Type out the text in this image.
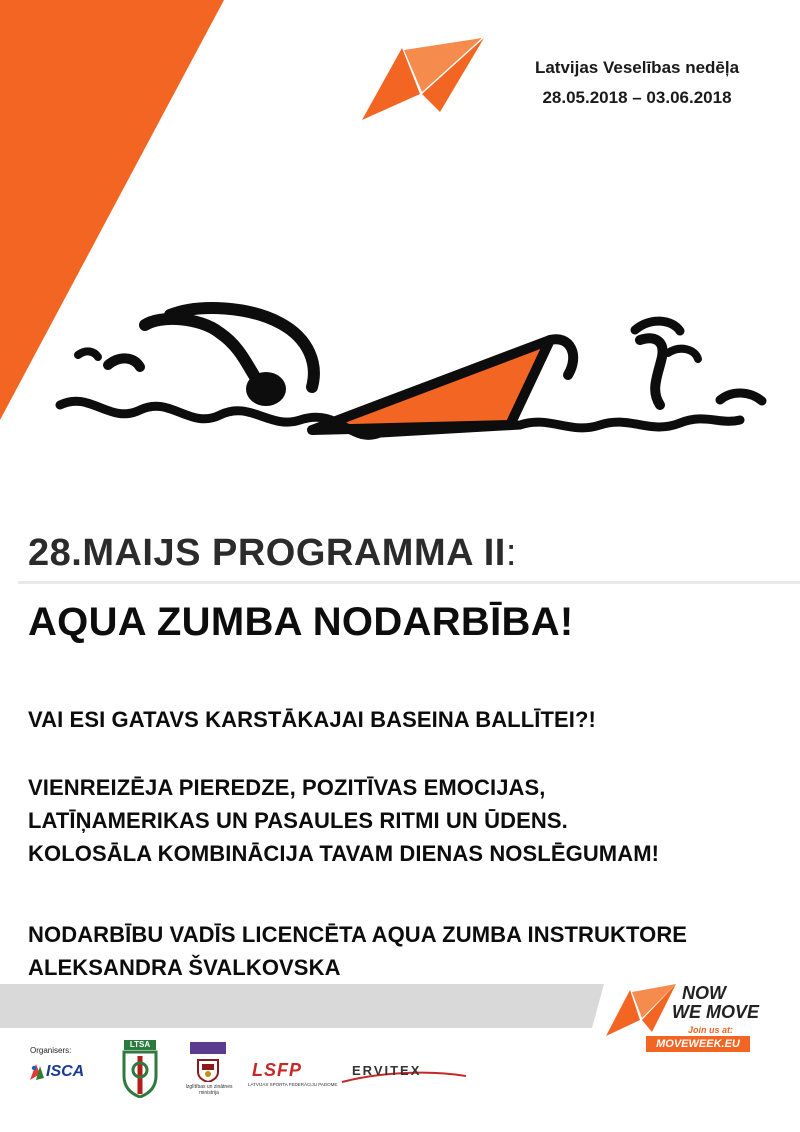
Latvijas Veselības nedēļa
28.05.2018 – 03.06.2018
28.MAIJS PROGRAMMA II:
AQUA ZUMBA NODARBĪBA!
VAI ESI GATAVS KARSTĀKAJAI BASEINA BALLĪTEI?!
VIENREIZĒJA PIEREDZE, POZITĪVAS EMOCIJAS,
LATĪŅAMERIKAS UN PASAULES RITMI UN ŪDENS.
KOLOSĀLA KOMBINĀCIJA TAVAM DIENAS NOSLĒGUMAM!
NODARBĪBU VADĪS LICENCĒTA AQUA ZUMBA INSTRUKTORE
ALEKSANDRA ŠVALKOVSKA
NOW
WE MOVE
Join us at:
MOVEWEEK.EU
Organisers:
ISCA
LTSA
Izglītības un zinātnes ministrija
LSFP
LATVIJAS SPORTA FEDERĀCIJU PADOME
ERVITEX
